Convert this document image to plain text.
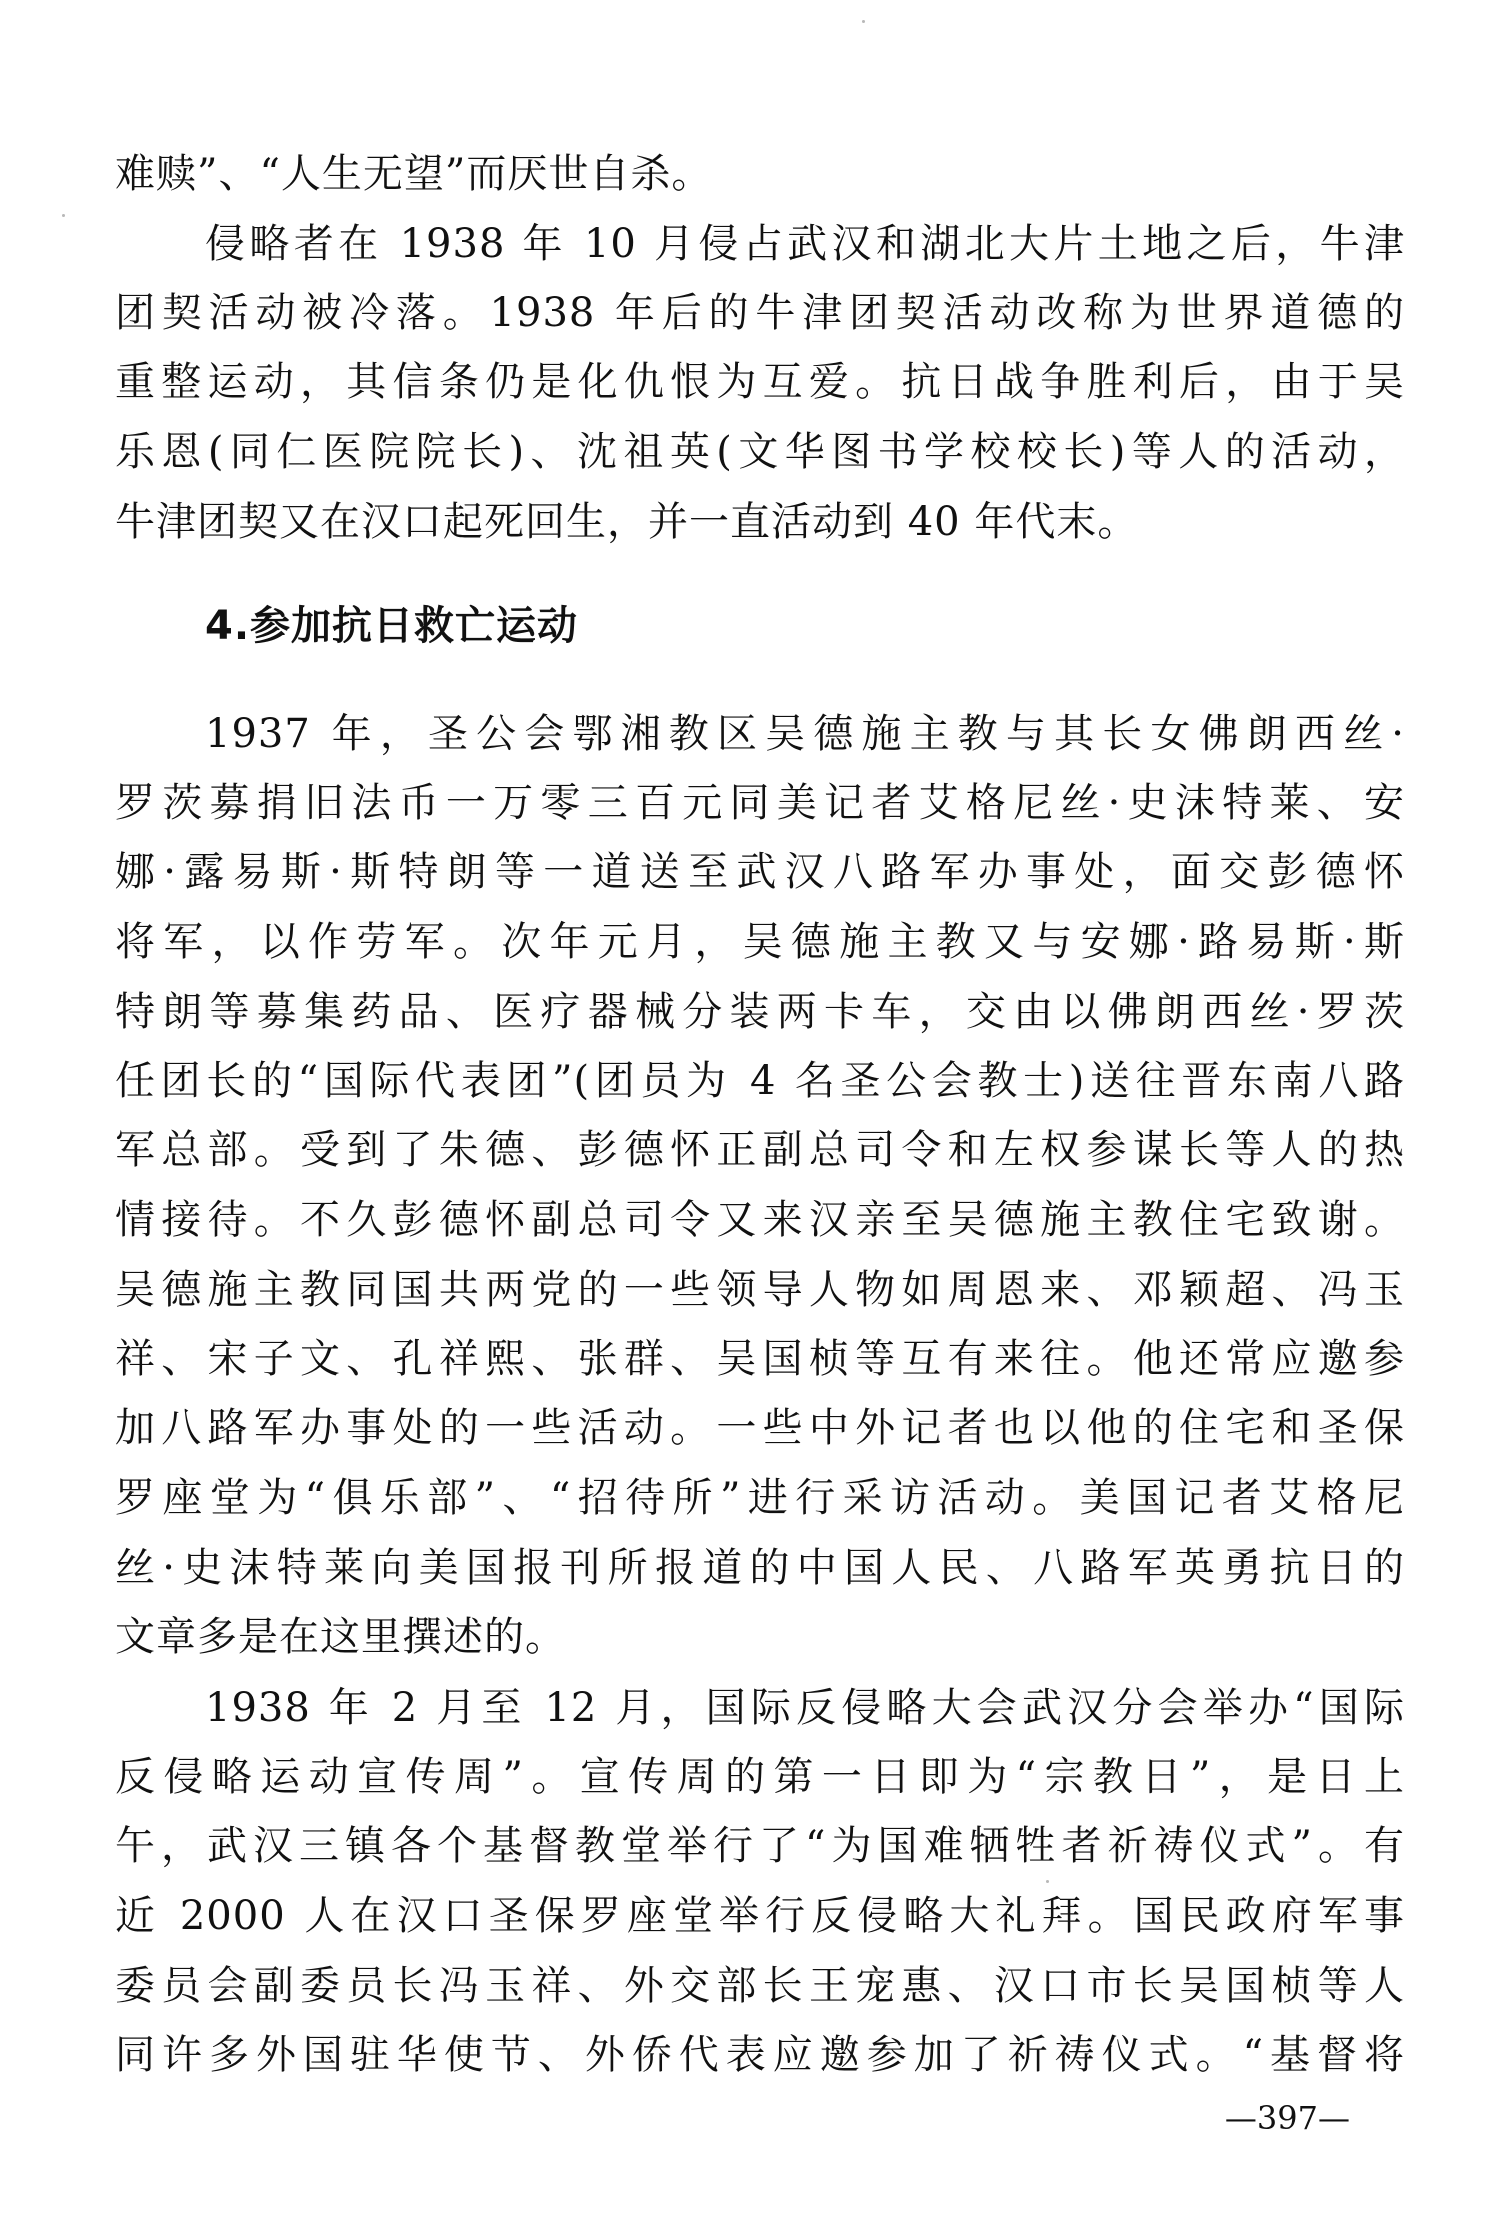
难赎”、“人生无望”而厌世自杀。
侵略者在 1938 年 10 月侵占武汉和湖北大片土地之后，牛津
团契活动被冷落。1938 年后的牛津团契活动改称为世界道德的
重整运动，其信条仍是化仇恨为互爱。抗日战争胜利后，由于吴
乐恩(同仁医院院长)、沈祖英(文华图书学校校长)等人的活动，
牛津团契又在汉口起死回生，并一直活动到 40 年代末。
4.参加抗日救亡运动
1937 年，圣公会鄂湘教区吴德施主教与其长女佛朗西丝·
罗茨募捐旧法币一万零三百元同美记者艾格尼丝·史沫特莱、安
娜·露易斯·斯特朗等一道送至武汉八路军办事处，面交彭德怀
将军，以作劳军。次年元月，吴德施主教又与安娜·路易斯·斯
特朗等募集药品、医疗器械分装两卡车，交由以佛朗西丝·罗茨
任团长的“国际代表团”(团员为 4 名圣公会教士)送往晋东南八路
军总部。受到了朱德、彭德怀正副总司令和左权参谋长等人的热
情接待。不久彭德怀副总司令又来汉亲至吴德施主教住宅致谢。
吴德施主教同国共两党的一些领导人物如周恩来、邓颖超、冯玉
祥、宋子文、孔祥熙、张群、吴国桢等互有来往。他还常应邀参
加八路军办事处的一些活动。一些中外记者也以他的住宅和圣保
罗座堂为“俱乐部”、“招待所”进行采访活动。美国记者艾格尼
丝·史沫特莱向美国报刊所报道的中国人民、八路军英勇抗日的
文章多是在这里撰述的。
1938 年 2 月至 12 月，国际反侵略大会武汉分会举办“国际
反侵略运动宣传周”。宣传周的第一日即为“宗教日”，是日上
午，武汉三镇各个基督教堂举行了“为国难牺牲者祈祷仪式”。有
近 2000 人在汉口圣保罗座堂举行反侵略大礼拜。国民政府军事
委员会副委员长冯玉祥、外交部长王宠惠、汉口市长吴国桢等人
同许多外国驻华使节、外侨代表应邀参加了祈祷仪式。“基督将
—397—
